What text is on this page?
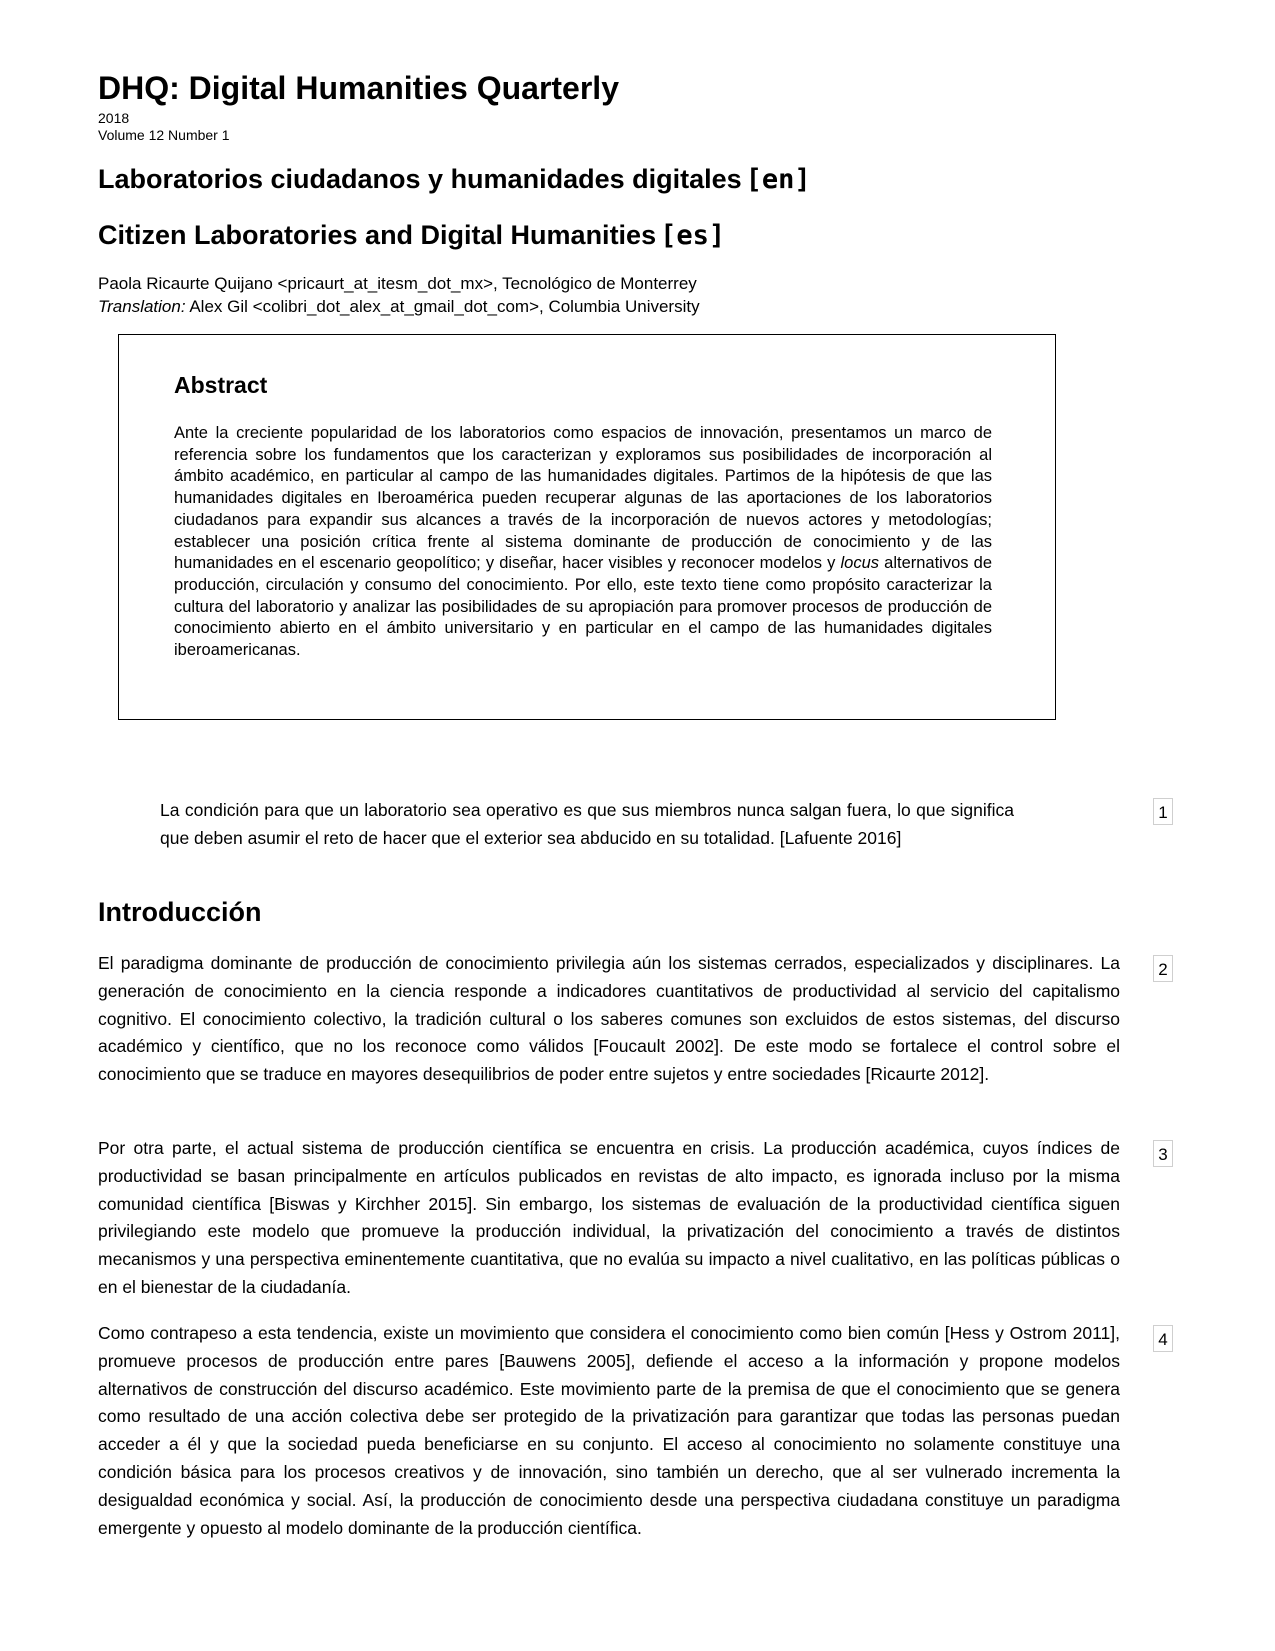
DHQ: Digital Humanities Quarterly
2018
Volume 12 Number 1
Laboratorios ciudadanos y humanidades digitales [en]
Citizen Laboratories and Digital Humanities [es]
Paola Ricaurte Quijano <pricaurt_at_itesm_dot_mx>, Tecnológico de Monterrey
Translation: Alex Gil <colibri_dot_alex_at_gmail_dot_com>, Columbia University
Abstract

Ante la creciente popularidad de los laboratorios como espacios de innovación, presentamos un marco de referencia sobre los fundamentos que los caracterizan y exploramos sus posibilidades de incorporación al ámbito académico, en particular al campo de las humanidades digitales. Partimos de la hipótesis de que las humanidades digitales en Iberoamérica pueden recuperar algunas de las aportaciones de los laboratorios ciudadanos para expandir sus alcances a través de la incorporación de nuevos actores y metodologías; establecer una posición crítica frente al sistema dominante de producción de conocimiento y de las humanidades en el escenario geopolítico; y diseñar, hacer visibles y reconocer modelos y locus alternativos de producción, circulación y consumo del conocimiento. Por ello, este texto tiene como propósito caracterizar la cultura del laboratorio y analizar las posibilidades de su apropiación para promover procesos de producción de conocimiento abierto en el ámbito universitario y en particular en el campo de las humanidades digitales iberoamericanas.

La condición para que un laboratorio sea operativo es que sus miembros nunca salgan fuera, lo que significa que deben asumir el reto de hacer que el exterior sea abducido en su totalidad. [Lafuente 2016]

1
Introducción

El paradigma dominante de producción de conocimiento privilegia aún los sistemas cerrados, especializados y disciplinares. La generación de conocimiento en la ciencia responde a indicadores cuantitativos de productividad al servicio del capitalismo cognitivo. El conocimiento colectivo, la tradición cultural o los saberes comunes son excluidos de estos sistemas, del discurso académico y científico, que no los reconoce como válidos [Foucault 2002]. De este modo se fortalece el control sobre el conocimiento que se traduce en mayores desequilibrios de poder entre sujetos y entre sociedades [Ricaurte 2012].

2

Por otra parte, el actual sistema de producción científica se encuentra en crisis. La producción académica, cuyos índices de productividad se basan principalmente en artículos publicados en revistas de alto impacto, es ignorada incluso por la misma comunidad científica [Biswas y Kirchher 2015]. Sin embargo, los sistemas de evaluación de la productividad científica siguen privilegiando este modelo que promueve la producción individual, la privatización del conocimiento a través de distintos mecanismos y una perspectiva eminentemente cuantitativa, que no evalúa su impacto a nivel cualitativo, en las políticas públicas o en el bienestar de la ciudadanía.

3

Como contrapeso a esta tendencia, existe un movimiento que considera el conocimiento como bien común [Hess y Ostrom 2011], promueve procesos de producción entre pares [Bauwens 2005], defiende el acceso a la información y propone modelos alternativos de construcción del discurso académico. Este movimiento parte de la premisa de que el conocimiento que se genera como resultado de una acción colectiva debe ser protegido de la privatización para garantizar que todas las personas puedan acceder a él y que la sociedad pueda beneficiarse en su conjunto. El acceso al conocimiento no solamente constituye una condición básica para los procesos creativos y de innovación, sino también un derecho, que al ser vulnerado incrementa la desigualdad económica y social. Así, la producción de conocimiento desde una perspectiva ciudadana constituye un paradigma emergente y opuesto al modelo dominante de la producción científica.

4
